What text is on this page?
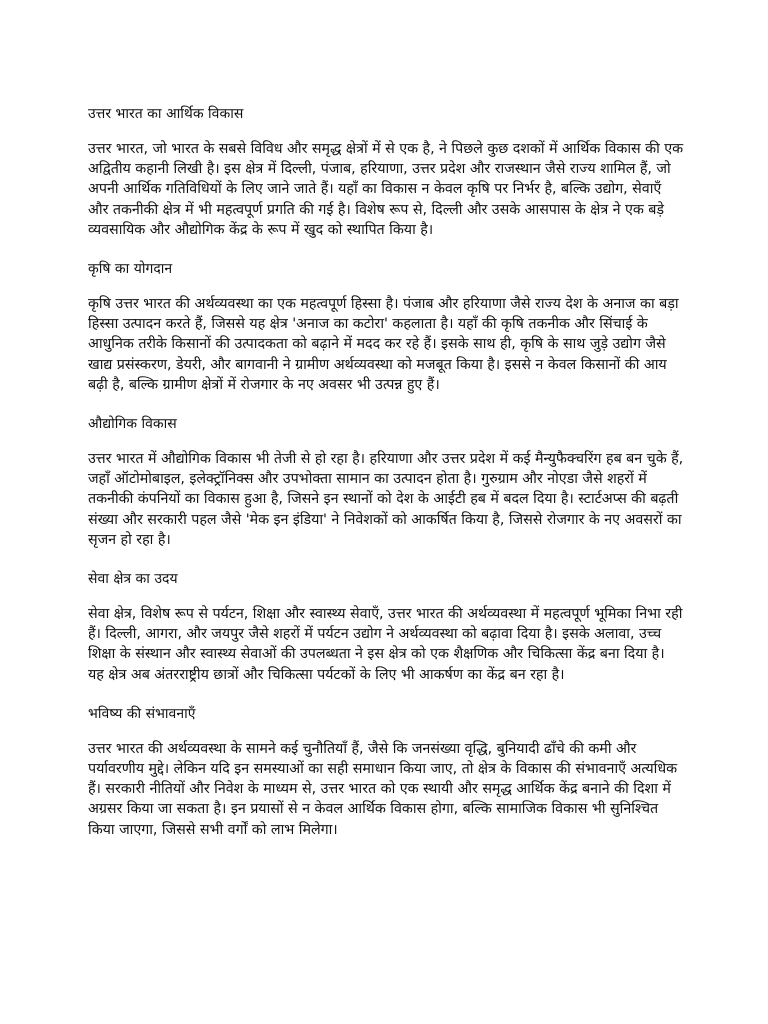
उत्तर भारत का आर्थिक विकास

उत्तर भारत, जो भारत के सबसे विविध और समृद्ध क्षेत्रों में से एक है, ने पिछले कुछ दशकों में आर्थिक विकास की एक अद्वितीय कहानी लिखी है। इस क्षेत्र में दिल्ली, पंजाब, हरियाणा, उत्तर प्रदेश और राजस्थान जैसे राज्य शामिल हैं, जो अपनी आर्थिक गतिविधियों के लिए जाने जाते हैं। यहाँ का विकास न केवल कृषि पर निर्भर है, बल्कि उद्योग, सेवाएँ और तकनीकी क्षेत्र में भी महत्वपूर्ण प्रगति की गई है। विशेष रूप से, दिल्ली और उसके आसपास के क्षेत्र ने एक बड़े व्यवसायिक और औद्योगिक केंद्र के रूप में खुद को स्थापित किया है।

कृषि का योगदान

कृषि उत्तर भारत की अर्थव्यवस्था का एक महत्वपूर्ण हिस्सा है। पंजाब और हरियाणा जैसे राज्य देश के अनाज का बड़ा हिस्सा उत्पादन करते हैं, जिससे यह क्षेत्र 'अनाज का कटोरा' कहलाता है। यहाँ की कृषि तकनीक और सिंचाई के आधुनिक तरीके किसानों की उत्पादकता को बढ़ाने में मदद कर रहे हैं। इसके साथ ही, कृषि के साथ जुड़े उद्योग जैसे खाद्य प्रसंस्करण, डेयरी, और बागवानी ने ग्रामीण अर्थव्यवस्था को मजबूत किया है। इससे न केवल किसानों की आय बढ़ी है, बल्कि ग्रामीण क्षेत्रों में रोजगार के नए अवसर भी उत्पन्न हुए हैं।

औद्योगिक विकास

उत्तर भारत में औद्योगिक विकास भी तेजी से हो रहा है। हरियाणा और उत्तर प्रदेश में कई मैन्युफैक्चरिंग हब बन चुके हैं, जहाँ ऑटोमोबाइल, इलेक्ट्रॉनिक्स और उपभोक्ता सामान का उत्पादन होता है। गुरुग्राम और नोएडा जैसे शहरों में तकनीकी कंपनियों का विकास हुआ है, जिसने इन स्थानों को देश के आईटी हब में बदल दिया है। स्टार्टअप्स की बढ़ती संख्या और सरकारी पहल जैसे 'मेक इन इंडिया' ने निवेशकों को आकर्षित किया है, जिससे रोजगार के नए अवसरों का सृजन हो रहा है।

सेवा क्षेत्र का उदय

सेवा क्षेत्र, विशेष रूप से पर्यटन, शिक्षा और स्वास्थ्य सेवाएँ, उत्तर भारत की अर्थव्यवस्था में महत्वपूर्ण भूमिका निभा रही हैं। दिल्ली, आगरा, और जयपुर जैसे शहरों में पर्यटन उद्योग ने अर्थव्यवस्था को बढ़ावा दिया है। इसके अलावा, उच्च शिक्षा के संस्थान और स्वास्थ्य सेवाओं की उपलब्धता ने इस क्षेत्र को एक शैक्षणिक और चिकित्सा केंद्र बना दिया है। यह क्षेत्र अब अंतरराष्ट्रीय छात्रों और चिकित्सा पर्यटकों के लिए भी आकर्षण का केंद्र बन रहा है।

भविष्य की संभावनाएँ

उत्तर भारत की अर्थव्यवस्था के सामने कई चुनौतियाँ हैं, जैसे कि जनसंख्या वृद्धि, बुनियादी ढाँचे की कमी और पर्यावरणीय मुद्दे। लेकिन यदि इन समस्याओं का सही समाधान किया जाए, तो क्षेत्र के विकास की संभावनाएँ अत्यधिक हैं। सरकारी नीतियों और निवेश के माध्यम से, उत्तर भारत को एक स्थायी और समृद्ध आर्थिक केंद्र बनाने की दिशा में अग्रसर किया जा सकता है। इन प्रयासों से न केवल आर्थिक विकास होगा, बल्कि सामाजिक विकास भी सुनिश्चित किया जाएगा, जिससे सभी वर्गों को लाभ मिलेगा।
